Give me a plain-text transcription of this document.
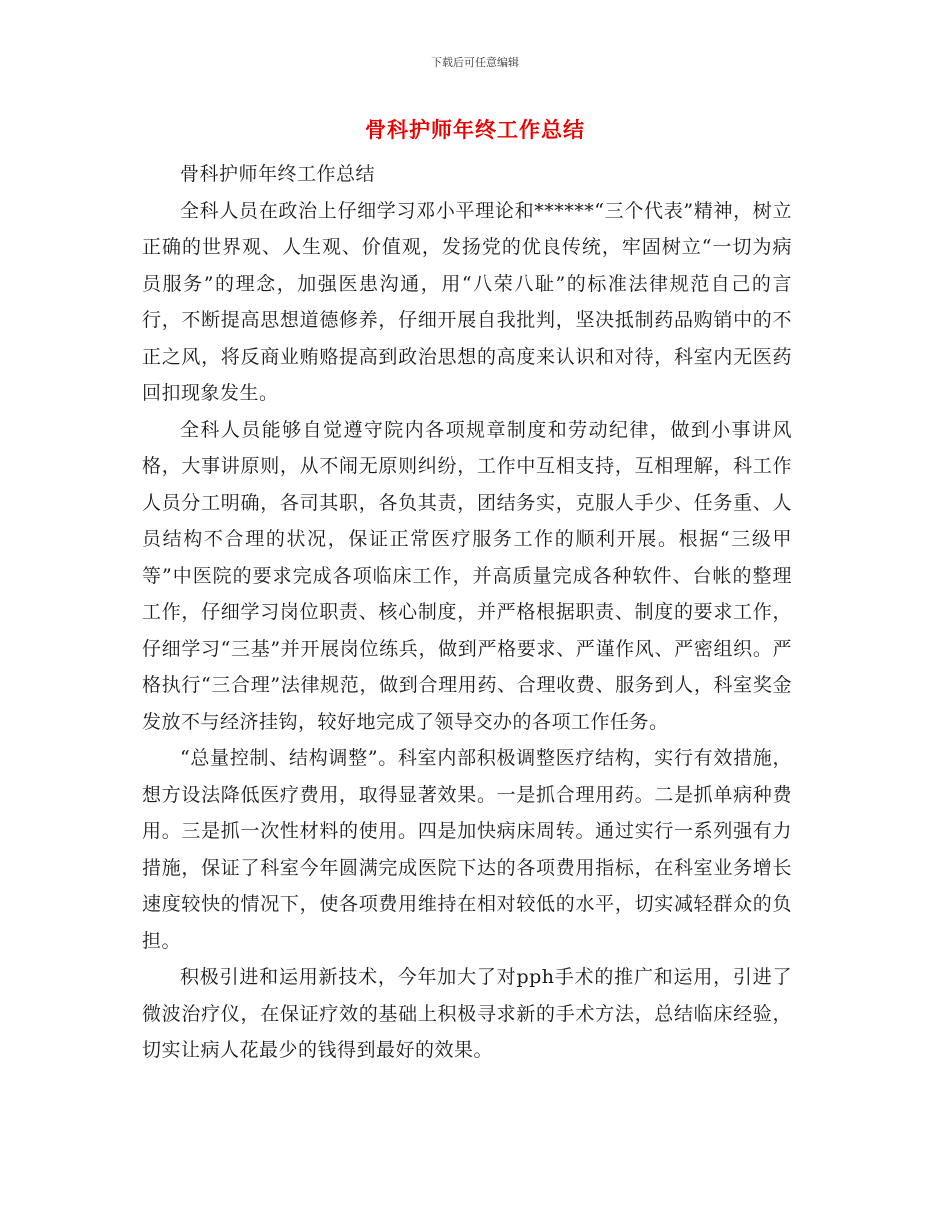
下载后可任意编辑
骨科护师年终工作总结

骨科护师年终工作总结

全科人员在政治上仔细学习邓小平理论和******“三个代表”精神，树立正确的世界观、人生观、价值观，发扬党的优良传统，牢固树立“一切为病员服务”的理念，加强医患沟通，用“八荣八耻”的标准法律规范自己的言行，不断提高思想道德修养，仔细开展自我批判，坚决抵制药品购销中的不正之风，将反商业贿赂提高到政治思想的高度来认识和对待，科室内无医药回扣现象发生。

全科人员能够自觉遵守院内各项规章制度和劳动纪律，做到小事讲风格，大事讲原则，从不闹无原则纠纷，工作中互相支持，互相理解，科工作人员分工明确，各司其职，各负其责，团结务实，克服人手少、任务重、人员结构不合理的状况，保证正常医疗服务工作的顺利开展。根据“三级甲等”中医院的要求完成各项临床工作，并高质量完成各种软件、台帐的整理工作，仔细学习岗位职责、核心制度，并严格根据职责、制度的要求工作，仔细学习“三基”并开展岗位练兵，做到严格要求、严谨作风、严密组织。严格执行“三合理”法律规范，做到合理用药、合理收费、服务到人，科室奖金发放不与经济挂钩，较好地完成了领导交办的各项工作任务。

“总量控制、结构调整”。科室内部积极调整医疗结构，实行有效措施，想方设法降低医疗费用，取得显著效果。一是抓合理用药。二是抓单病种费用。三是抓一次性材料的使用。四是加快病床周转。通过实行一系列强有力措施，保证了科室今年圆满完成医院下达的各项费用指标，在科室业务增长速度较快的情况下，使各项费用维持在相对较低的水平，切实减轻群众的负担。

积极引进和运用新技术，今年加大了对pph手术的推广和运用，引进了微波治疗仪，在保证疗效的基础上积极寻求新的手术方法，总结临床经验，切实让病人花最少的钱得到最好的效果。
